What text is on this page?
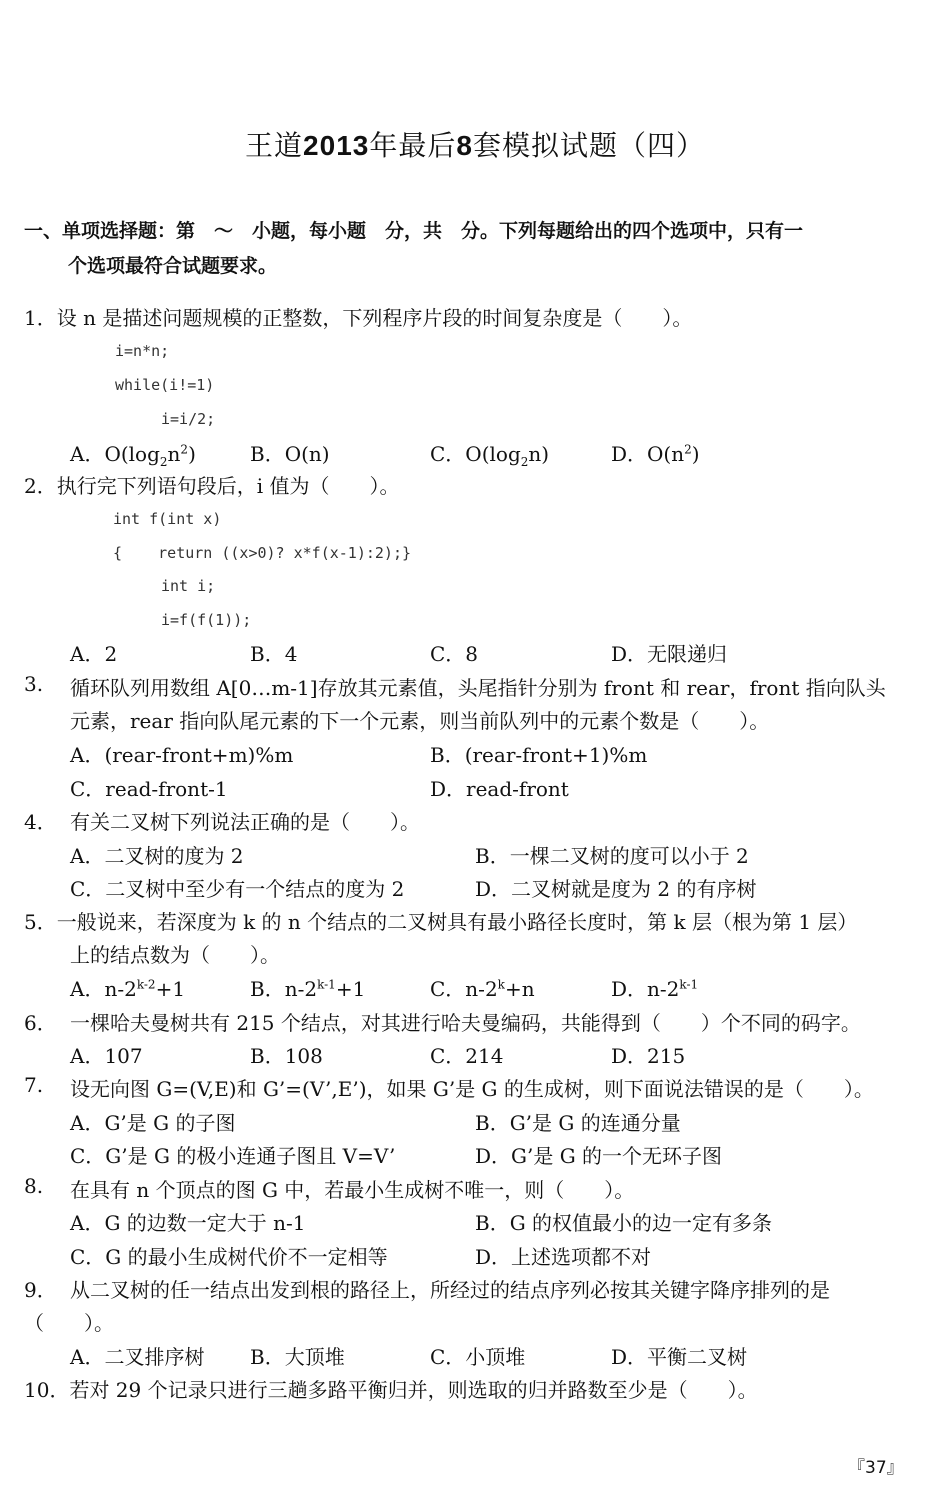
王道2013年最后8套模拟试题（四）
一、单项选择题：第　～　小题，每小题　分，共　分。下列每题给出的四个选项中，只有一
个选项最符合试题要求。
1．设 n 是描述问题规模的正整数，下列程序片段的时间复杂度是（　　）。
i=n*n;
while(i!=1)
i=i/2;
A．$O(\log_2n^2)$	B．O(n)	C．$O(\log_2n)$	D．$O(n^2)$
2．执行完下列语句段后，i 值为（　　）。
int f(int x)
{    return ((x>0)? x*f(x-1):2);}
int i;
i=f(f(1));
A．2	B．4	C．8	D．无限递归
3. 循环队列用数组 A[0…m-1]存放其元素值，头尾指针分别为 front 和 rear，front 指向队头
元素，rear 指向队尾元素的下一个元素，则当前队列中的元素个数是（　　）。
A．(rear-front+m)%m	B．(rear-front+1)%m
C．read-front-1	D．read-front
4． 有关二叉树下列说法正确的是（　　）。
A．二叉树的度为 2	B．一棵二叉树的度可以小于 2
C．二叉树中至少有一个结点的度为 2	D．二叉树就是度为 2 的有序树
5．一般说来，若深度为 k 的 n 个结点的二叉树具有最小路径长度时，第 k 层（根为第 1 层）
上的结点数为（　　）。
A．$n-2^{k-2}+1$	B．$n-2^{k-1}+1$	C．$n-2^k+n$	D．n-2$^{k-1}$
6． 一棵哈夫曼树共有 215 个结点，对其进行哈夫曼编码，共能得到（　　）个不同的码字。
A．107	B．108	C．214	D．215
7. 设无向图 G=(V,E)和 G’=(V’,E’)，如果 G’是 G 的生成树，则下面说法错误的是（　　）。
A．G’是 G 的子图	B．G’是 G 的连通分量
C．G’是 G 的极小连通子图且 V=V’	D．G’是 G 的一个无环子图
8. 在具有 n 个顶点的图 G 中，若最小生成树不唯一，则（　　）。
A．G 的边数一定大于 n-1	B．G 的权值最小的边一定有多条
C．G 的最小生成树代价不一定相等	D．上述选项都不对
9． 从二叉树的任一结点出发到根的路径上，所经过的结点序列必按其关键字降序排列的是
（　　）。
A．二叉排序树 B．大顶堆	C．小顶堆	D．平衡二叉树
10．若对 29 个记录只进行三趟多路平衡归并，则选取的归并路数至少是（　　）。
『37』
